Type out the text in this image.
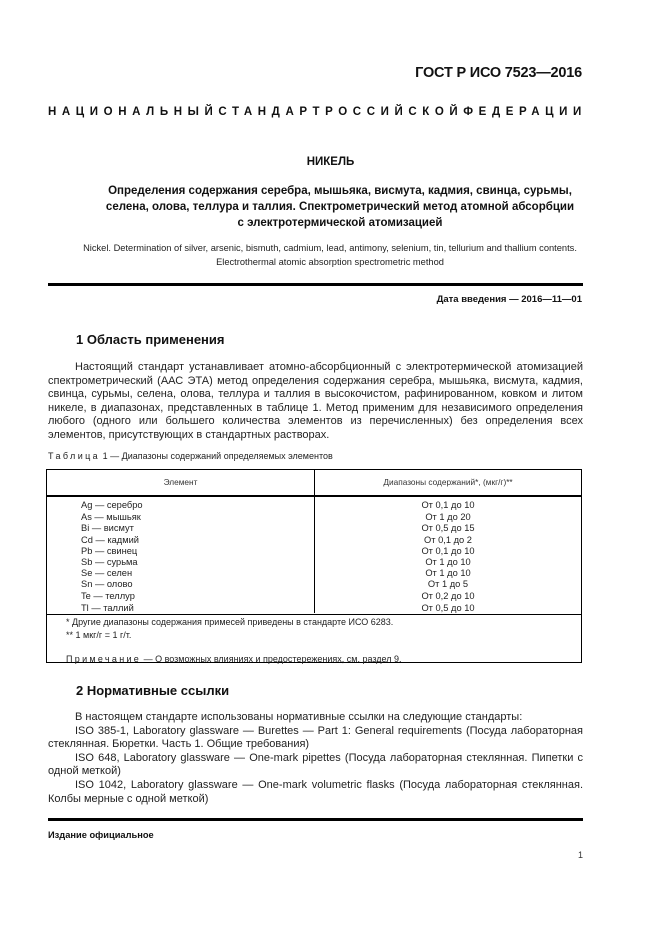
ГОСТ Р ИСО 7523—2016
НАЦИОНАЛЬНЫЙ СТАНДАРТ РОССИЙСКОЙ ФЕДЕРАЦИИ
НИКЕЛЬ
Определения содержания серебра, мышьяка, висмута, кадмия, свинца, сурьмы,
селена, олова, теллура и таллия. Спектрометрический метод атомной абсорбции
с электротермической атомизацией
Nickel. Determination of silver, arsenic, bismuth, cadmium, lead, antimony, selenium, tin, tellurium and thallium contents.
Electrothermal atomic absorption spectrometric method
Дата введения — 2016—11—01
1 Область применения

Настоящий стандарт устанавливает атомно-абсорбционный с электротермической атомизацией спектрометрический (ААС ЭТА) метод определения содержания серебра, мышьяка, висмута, кадмия, свинца, сурьмы, селена, олова, теллура и таллия в высокочистом, рафинированном, ковком и литом никеле, в диапазонах, представленных в таблице 1. Метод применим для независимого определения любого (одного или большего количества элементов из перечисленных) без определения всех элементов, присутствующих в стандартных растворах.

Таблица 1 — Диапазоны содержаний определяемых элементов
Элемент	Диапазоны содержаний*, (мкг/г)**
Ag — серебро	От 0,1 до 10
As — мышьяк	От 1 до 20
Bi — висмут	От 0,5 до 15
Cd — кадмий	От 0,1 до 2
Pb — свинец	От 0,1 до 10
Sb — сурьма	От 1 до 10
Se — селен	От 1 до 10
Sn — олово	От 1 до 5
Te — теллур	От 0,2 до 10
Tl — таллий	От 0,5 до 10
* Другие диапазоны содержания примесей приведены в стандарте ИСО 6283.
** 1 мкг/г = 1 г/т.
Примечание — О возможных влияниях и предостережениях, см. раздел 9.
2 Нормативные ссылки

В настоящем стандарте использованы нормативные ссылки на следующие стандарты:

ISO 385-1, Laboratory glassware — Burettes — Part 1: General requirements (Посуда лабораторная стеклянная. Бюретки. Часть 1. Общие требования)

ISO 648, Laboratory glassware — One-mark pipettes (Посуда лабораторная стеклянная. Пипетки с одной меткой)

ISO 1042, Laboratory glassware — One-mark volumetric flasks (Посуда лабораторная стеклянная. Колбы мерные с одной меткой)

Издание официальное
1
